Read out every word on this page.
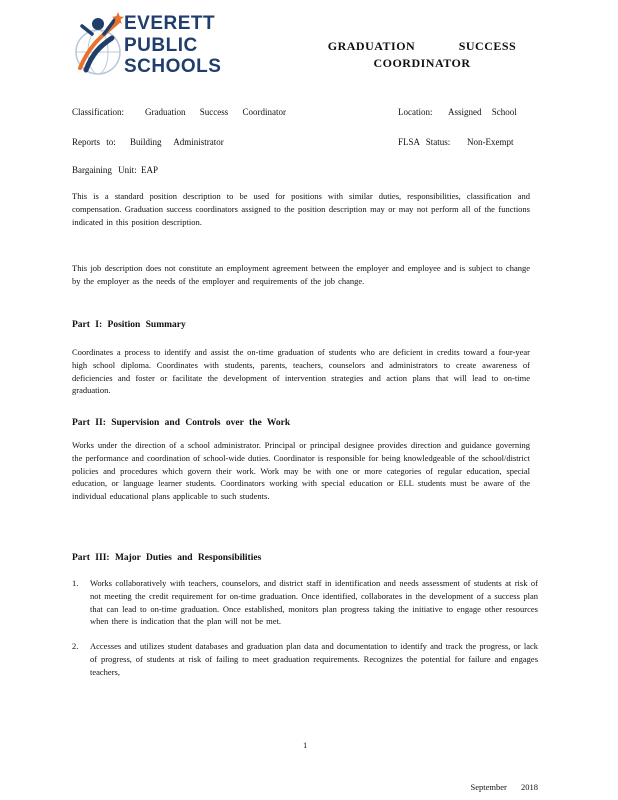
EVERETT
PUBLIC
SCHOOLS
GRADUATION SUCCESS
COORDINATOR
Classification: Graduation Success Coordinator	Location: Assigned School
Reports to: Building Administrator	FLSA Status: Non-Exempt
Bargaining Unit: EAP
This is a standard position description to be used for positions with similar duties, responsibilities, classification and compensation. Graduation success coordinators assigned to the position description may or may not perform all of the functions indicated in this position description.
This job description does not constitute an employment agreement between the employer and employee and is subject to change by the employer as the needs of the employer and requirements of the job change.
Part I: Position Summary
Coordinates a process to identify and assist the on-time graduation of students who are deficient in credits toward a four-year high school diploma. Coordinates with students, parents, teachers, counselors and administrators to create awareness of deficiencies and foster or facilitate the development of intervention strategies and action plans that will lead to on-time graduation.
Part II: Supervision and Controls over the Work
Works under the direction of a school administrator. Principal or principal designee provides direction and guidance governing the performance and coordination of school-wide duties. Coordinator is responsible for being knowledgeable of the school/district policies and procedures which govern their work. Work may be with one or more categories of regular education, special education, or language learner students. Coordinators working with special education or ELL students must be aware of the individual educational plans applicable to such students.
Part III: Major Duties and Responsibilities
1. Works collaboratively with teachers, counselors, and district staff in identification and needs assessment of students at risk of not meeting the credit requirement for on-time graduation. Once identified, collaborates in the development of a success plan that can lead to on-time graduation. Once established, monitors plan progress taking the initiative to engage other resources when there is indication that the plan will not be met.
2. Accesses and utilizes student databases and graduation plan data and documentation to identify and track the progress, or lack of progress, of students at risk of failing to meet graduation requirements. Recognizes the potential for failure and engages teachers,
1
September 2018
